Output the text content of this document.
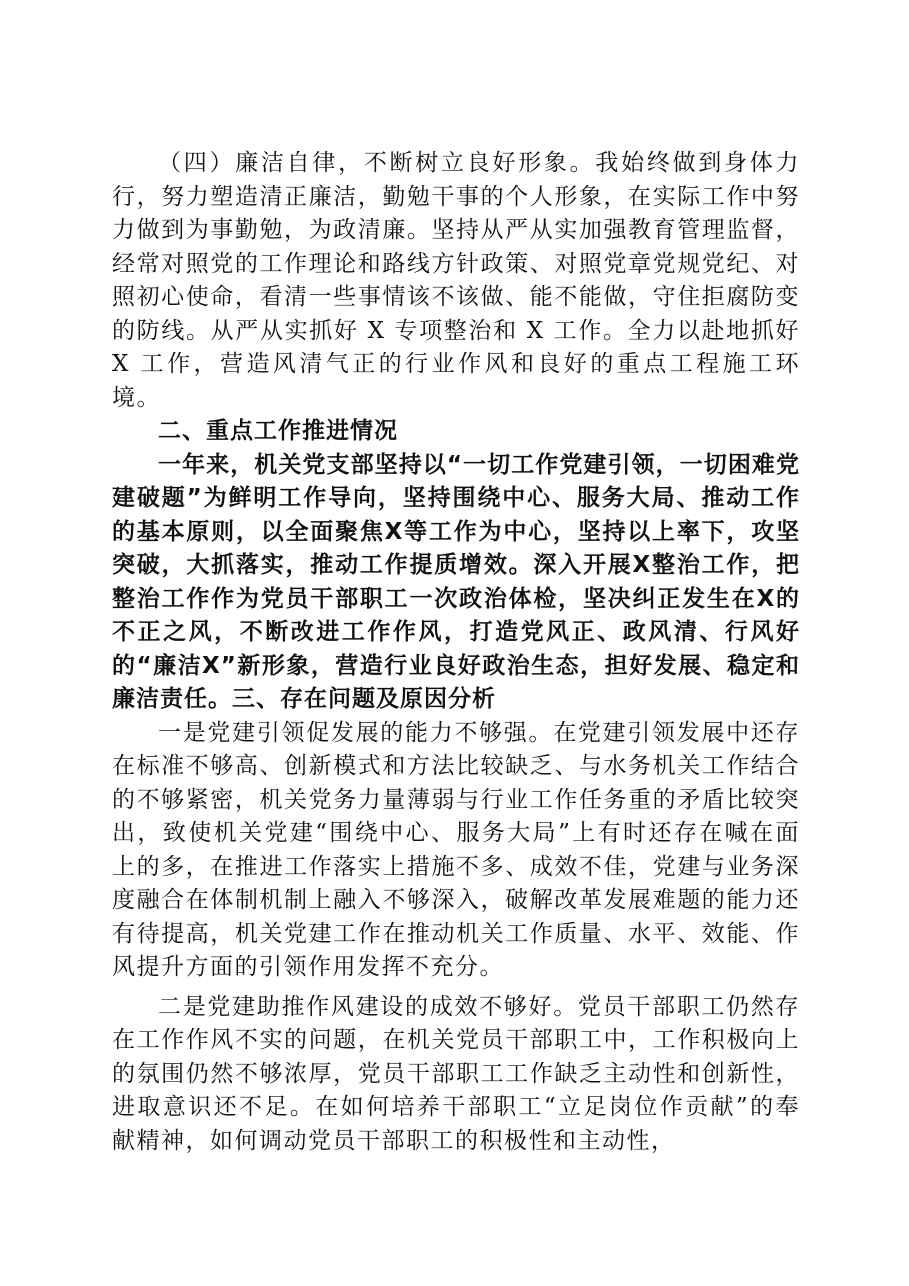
（四）廉洁自律，不断树立良好形象。我始终做到身体力行，努力塑造清正廉洁，勤勉干事的个人形象，在实际工作中努力做到为事勤勉，为政清廉。坚持从严从实加强教育管理监督，经常对照党的工作理论和路线方针政策、对照党章党规党纪、对照初心使命，看清一些事情该不该做、能不能做，守住拒腐防变的防线。从严从实抓好 X 专项整治和 X 工作。全力以赴地抓好 X 工作，营造风清气正的行业作风和良好的重点工程施工环境。

二、重点工作推进情况

一年来，机关党支部坚持以“一切工作党建引领，一切困难党建破题”为鲜明工作导向，坚持围绕中心、服务大局、推动工作的基本原则，以全面聚焦X等工作为中心，坚持以上率下，攻坚突破，大抓落实，推动工作提质增效。深入开展X整治工作，把整治工作作为党员干部职工一次政治体检，坚决纠正发生在X的不正之风，不断改进工作作风，打造党风正、政风清、行风好的“廉洁X”新形象，营造行业良好政治生态，担好发展、稳定和廉洁责任。三、存在问题及原因分析

一是党建引领促发展的能力不够强。在党建引领发展中还存在标准不够高、创新模式和方法比较缺乏、与水务机关工作结合的不够紧密，机关党务力量薄弱与行业工作任务重的矛盾比较突出，致使机关党建“围绕中心、服务大局”上有时还存在喊在面上的多，在推进工作落实上措施不多、成效不佳，党建与业务深度融合在体制机制上融入不够深入，破解改革发展难题的能力还有待提高，机关党建工作在推动机关工作质量、水平、效能、作风提升方面的引领作用发挥不充分。

二是党建助推作风建设的成效不够好。党员干部职工仍然存在工作作风不实的问题，在机关党员干部职工中，工作积极向上的氛围仍然不够浓厚，党员干部职工工作缺乏主动性和创新性，进取意识还不足。在如何培养干部职工“立足岗位作贡献”的奉献精神，如何调动党员干部职工的积极性和主动性，
